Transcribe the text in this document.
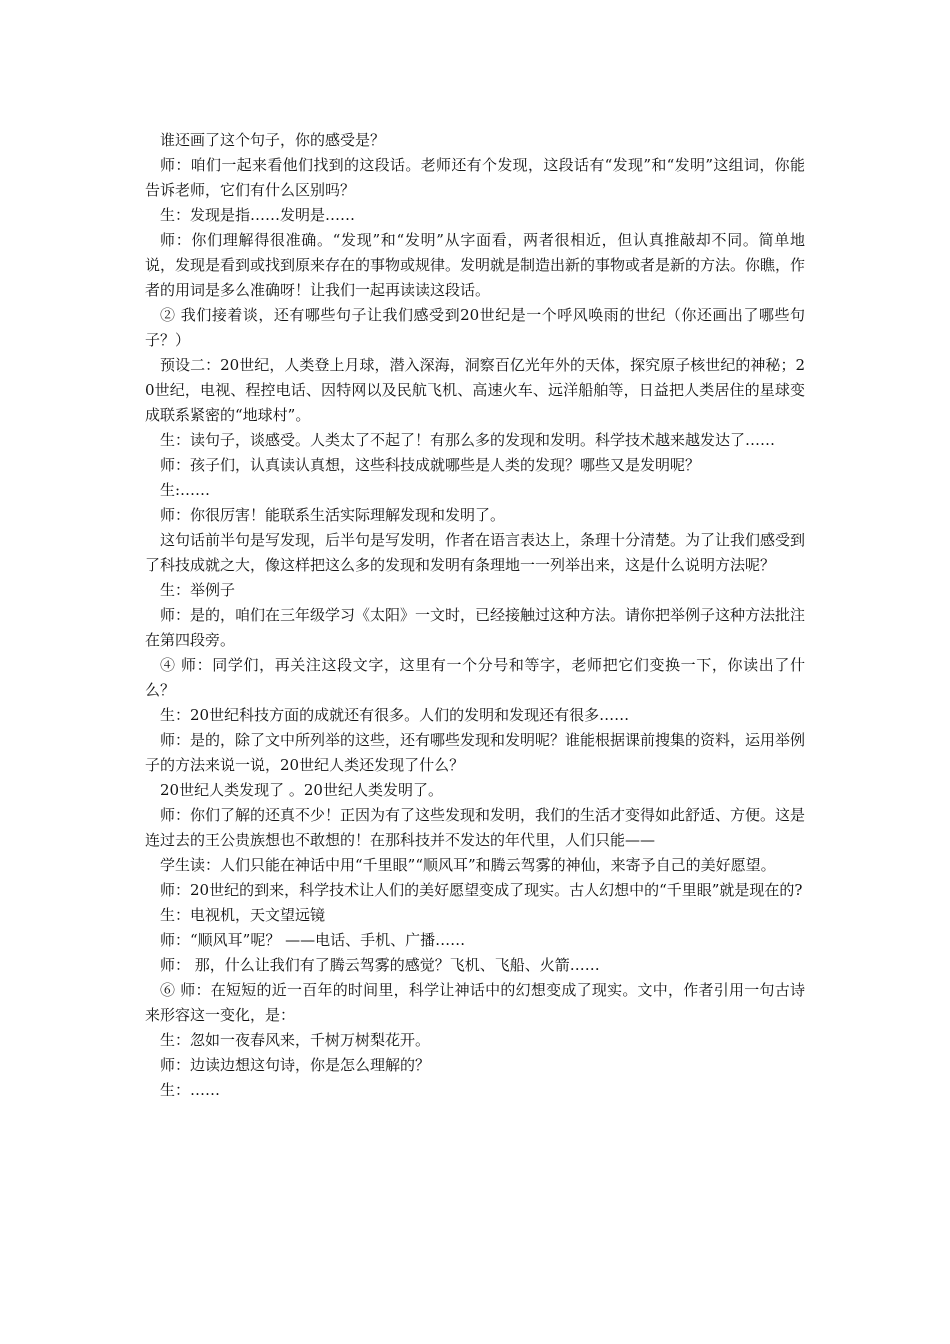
谁还画了这个句子，你的感受是？

师：咱们一起来看他们找到的这段话。老师还有个发现，这段话有“发现”和“发明”这组词，你能告诉老师，它们有什么区别吗？

生：发现是指……发明是……

师：你们理解得很准确。“发现”和“发明”从字面看，两者很相近，但认真推敲却不同。简单地说，发现是看到或找到原来存在的事物或规律。发明就是制造出新的事物或者是新的方法。你瞧，作者的用词是多么准确呀！让我们一起再读读这段话。

② 我们接着谈，还有哪些句子让我们感受到20世纪是一个呼风唤雨的世纪（你还画出了哪些句子？）

预设二：20世纪，人类登上月球，潜入深海，洞察百亿光年外的天体，探究原子核世纪的神秘；20世纪，电视、程控电话、因特网以及民航飞机、高速火车、远洋船舶等，日益把人类居住的星球变成联系紧密的“地球村”。

生：读句子，谈感受。人类太了不起了！有那么多的发现和发明。科学技术越来越发达了……

师：孩子们，认真读认真想，这些科技成就哪些是人类的发现？哪些又是发明呢？

生:……

师：你很厉害！能联系生活实际理解发现和发明了。

这句话前半句是写发现，后半句是写发明，作者在语言表达上，条理十分清楚。为了让我们感受到了科技成就之大，像这样把这么多的发现和发明有条理地一一列举出来，这是什么说明方法呢？

生：举例子

师：是的，咱们在三年级学习《太阳》一文时，已经接触过这种方法。请你把举例子这种方法批注在第四段旁。

④ 师：同学们，再关注这段文字，这里有一个分号和等字，老师把它们变换一下，你读出了什么？

生：20世纪科技方面的成就还有很多。人们的发明和发现还有很多……

师：是的，除了文中所列举的这些，还有哪些发现和发明呢？谁能根据课前搜集的资料，运用举例子的方法来说一说，20世纪人类还发现了什么？

20世纪人类发现了 。20世纪人类发明了。

师：你们了解的还真不少！正因为有了这些发现和发明，我们的生活才变得如此舒适、方便。这是连过去的王公贵族想也不敢想的！在那科技并不发达的年代里，人们只能——

学生读：人们只能在神话中用“千里眼”“顺风耳”和腾云驾雾的神仙，来寄予自己的美好愿望。

师：20世纪的到来，科学技术让人们的美好愿望变成了现实。古人幻想中的“千里眼”就是现在的?

生：电视机，天文望远镜

师：“顺风耳”呢？ ——电话、手机、广播……

师： 那，什么让我们有了腾云驾雾的感觉？飞机、飞船、火箭……

⑥ 师：在短短的近一百年的时间里，科学让神话中的幻想变成了现实。文中，作者引用一句古诗来形容这一变化，是：

生：忽如一夜春风来，千树万树梨花开。

师：边读边想这句诗，你是怎么理解的？

生：……
